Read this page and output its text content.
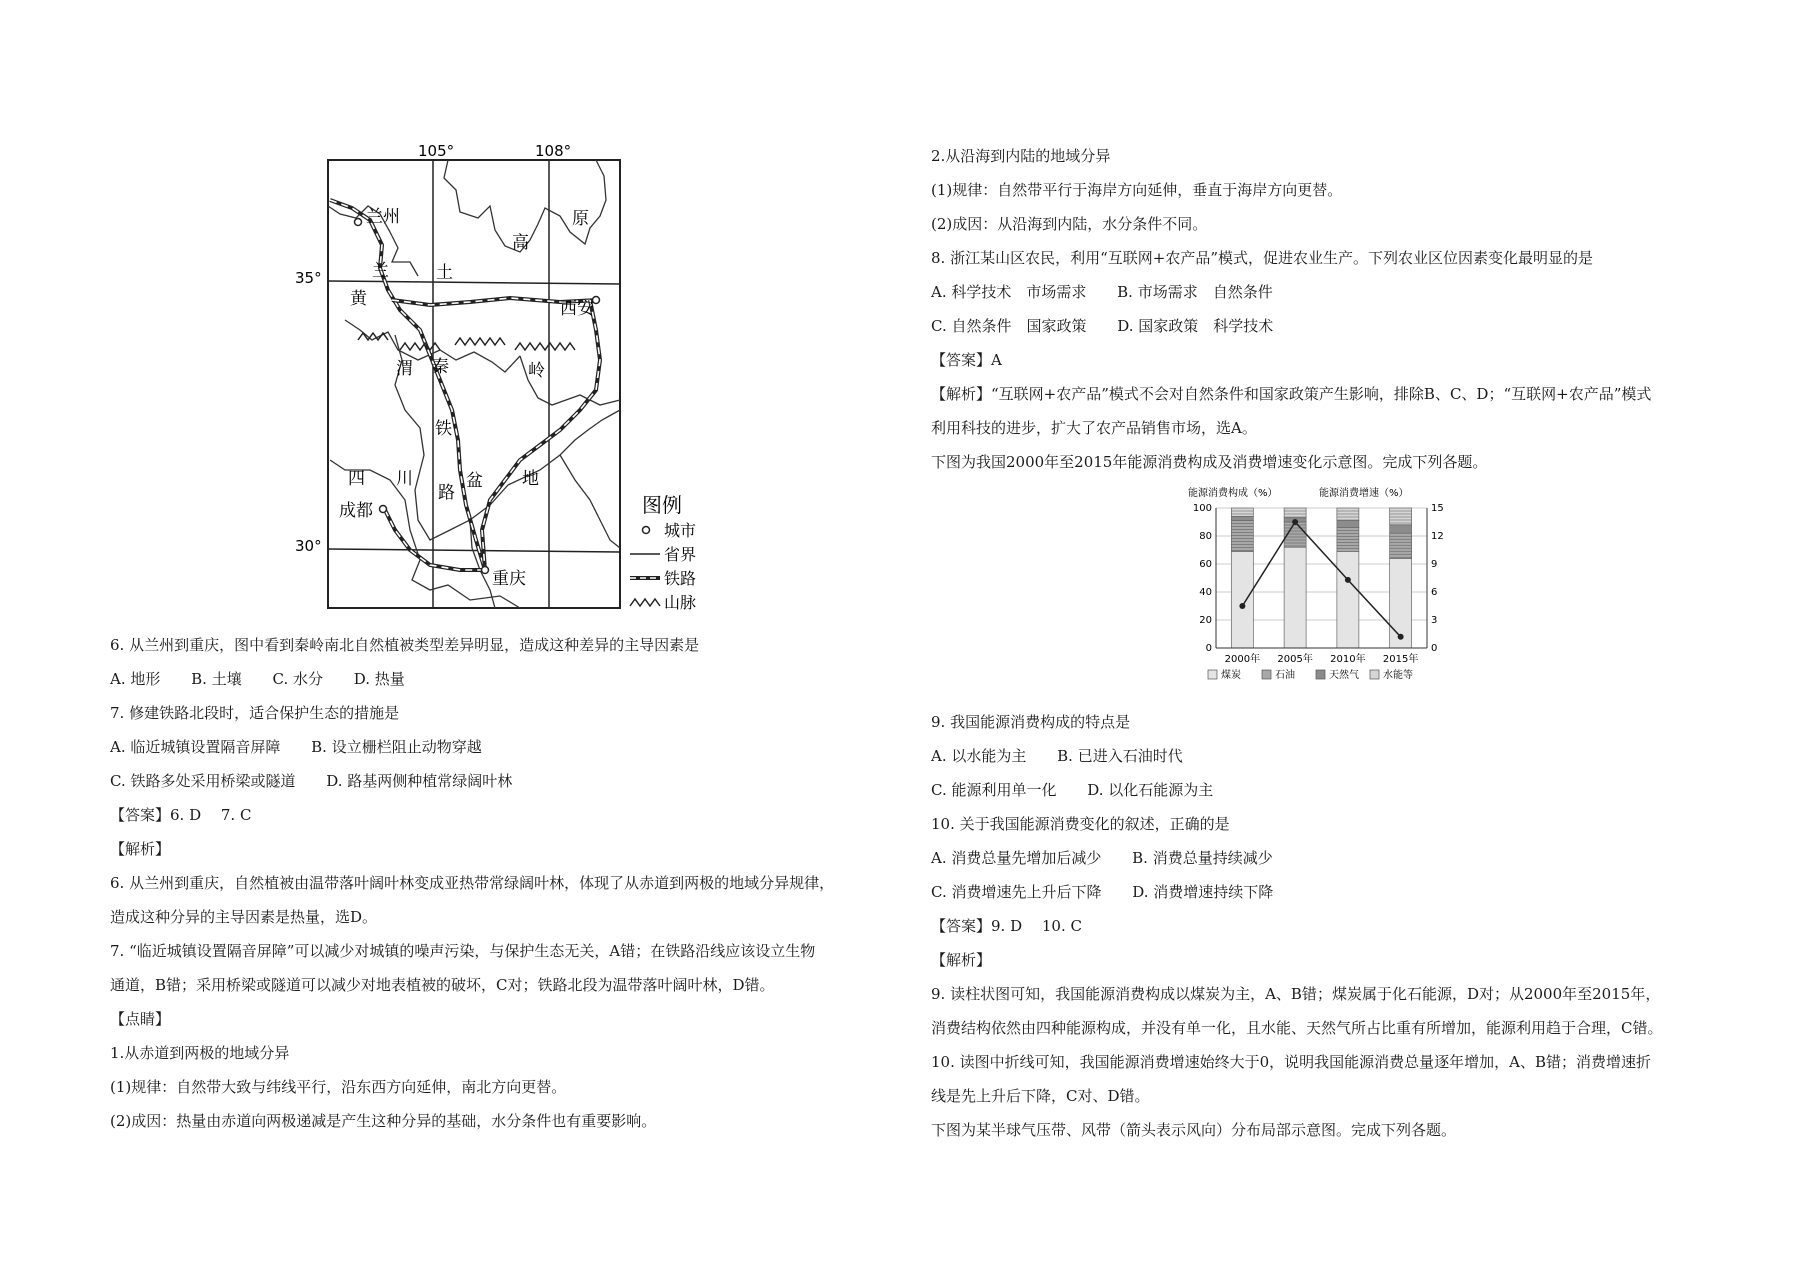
105°	108°
35°
30°
兰州
西安
成都
重庆
高
原
兰	土
黄
渭 秦	岭
铁
盆
四 川
路
地
图例
城市
省界
铁路
山脉
6. 从兰州到重庆，图中看到秦岭南北自然植被类型差异明显，造成这种差异的主导因素是
A. 地形 B. 土壤 C. 水分 D. 热量
7. 修建铁路北段时，适合保护生态的措施是
A. 临近城镇设置隔音屏障 B. 设立栅栏阻止动物穿越
C. 铁路多处采用桥梁或隧道 D. 路基两侧种植常绿阔叶林
【答案】6. D　 7. C
【解析】
6. 从兰州到重庆，自然植被由温带落叶阔叶林变成亚热带常绿阔叶林，体现了从赤道到两极的地域分异规律，
造成这种分异的主导因素是热量，选D。
7. “临近城镇设置隔音屏障”可以减少对城镇的噪声污染，与保护生态无关，A错；在铁路沿线应该设立生物
通道，B错；采用桥梁或隧道可以减少对地表植被的破坏，C对；铁路北段为温带落叶阔叶林，D错。
【点睛】
1.从赤道到两极的地域分异
(1)规律：自然带大致与纬线平行，沿东西方向延伸，南北方向更替。
(2)成因：热量由赤道向两极递减是产生这种分异的基础，水分条件也有重要影响。
2.从沿海到内陆的地域分异
(1)规律：自然带平行于海岸方向延伸，垂直于海岸方向更替。
(2)成因：从沿海到内陆，水分条件不同。
8. 浙江某山区农民，利用“互联网+农产品”模式，促进农业生产。下列农业区位因素变化最明显的是
A. 科学技术　市场需求 B. 市场需求　自然条件
C. 自然条件　国家政策 D. 国家政策　科学技术
【答案】A
【解析】“互联网+农产品”模式不会对自然条件和国家政策产生影响，排除B、C、D；“互联网+农产品”模式
利用科技的进步，扩大了农产品销售市场，选A。
下图为我国2000年至2015年能源消费构成及消费增速变化示意图。完成下列各题。
能源消费构成（%）	能源消费增速（%）
0
20
40
60
80
100
0
3
6
9
12
15
2000年 2005年 2010年 2015年
煤炭	石油	天然气 水能等
9. 我国能源消费构成的特点是
A. 以水能为主 B. 已进入石油时代
C. 能源利用单一化 D. 以化石能源为主
10. 关于我国能源消费变化的叙述，正确的是
A. 消费总量先增加后减少 B. 消费总量持续减少
C. 消费增速先上升后下降 D. 消费增速持续下降
【答案】9. D　 10. C
【解析】
9. 读柱状图可知，我国能源消费构成以煤炭为主，A、B错；煤炭属于化石能源，D对；从2000年至2015年，
消费结构依然由四种能源构成，并没有单一化，且水能、天然气所占比重有所增加，能源利用趋于合理，C错。
10. 读图中折线可知，我国能源消费增速始终大于0，说明我国能源消费总量逐年增加，A、B错；消费增速折
线是先上升后下降，C对、D错。
下图为某半球气压带、风带（箭头表示风向）分布局部示意图。完成下列各题。
